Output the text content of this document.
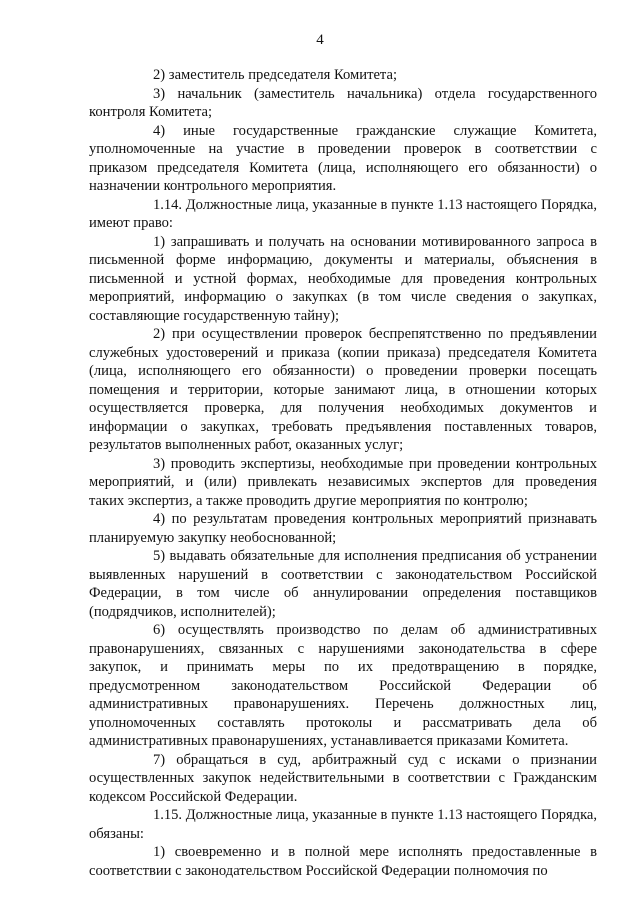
4
2) заместитель председателя Комитета;
3) начальник (заместитель начальника) отдела государственного
контроля Комитета;
4) иные государственные гражданские служащие Комитета,
уполномоченные на участие в проведении проверок в соответствии с
приказом председателя Комитета (лица, исполняющего его обязанности) о
назначении контрольного мероприятия.
1.14. Должностные лица, указанные в пункте 1.13 настоящего Порядка,
имеют право:
1) запрашивать и получать на основании мотивированного запроса в
письменной форме информацию, документы и материалы, объяснения в
письменной и устной формах, необходимые для проведения контрольных
мероприятий, информацию о закупках (в том числе сведения о закупках,
составляющие государственную тайну);
2) при осуществлении проверок беспрепятственно по предъявлении
служебных удостоверений и приказа (копии приказа) председателя Комитета
(лица, исполняющего его обязанности) о проведении проверки посещать
помещения и территории, которые занимают лица, в отношении которых
осуществляется проверка, для получения необходимых документов и
информации о закупках, требовать предъявления поставленных товаров,
результатов выполненных работ, оказанных услуг;
3) проводить экспертизы, необходимые при проведении контрольных
мероприятий, и (или) привлекать независимых экспертов для проведения
таких экспертиз, а также проводить другие мероприятия по контролю;
4) по результатам проведения контрольных мероприятий признавать
планируемую закупку необоснованной;
5) выдавать обязательные для исполнения предписания об устранении
выявленных нарушений в соответствии с законодательством Российской
Федерации, в том числе об аннулировании определения поставщиков
(подрядчиков, исполнителей);
6) осуществлять производство по делам об административных
правонарушениях, связанных с нарушениями законодательства в сфере
закупок, и принимать меры по их предотвращению в порядке,
предусмотренном законодательством Российской Федерации об
административных правонарушениях. Перечень должностных лиц,
уполномоченных составлять протоколы и рассматривать дела об
административных правонарушениях, устанавливается приказами Комитета.
7) обращаться в суд, арбитражный суд с исками о признании
осуществленных закупок недействительными в соответствии с Гражданским
кодексом Российской Федерации.
1.15. Должностные лица, указанные в пункте 1.13 настоящего Порядка,
обязаны:
1) своевременно и в полной мере исполнять предоставленные в
соответствии с законодательством Российской Федерации полномочия по
